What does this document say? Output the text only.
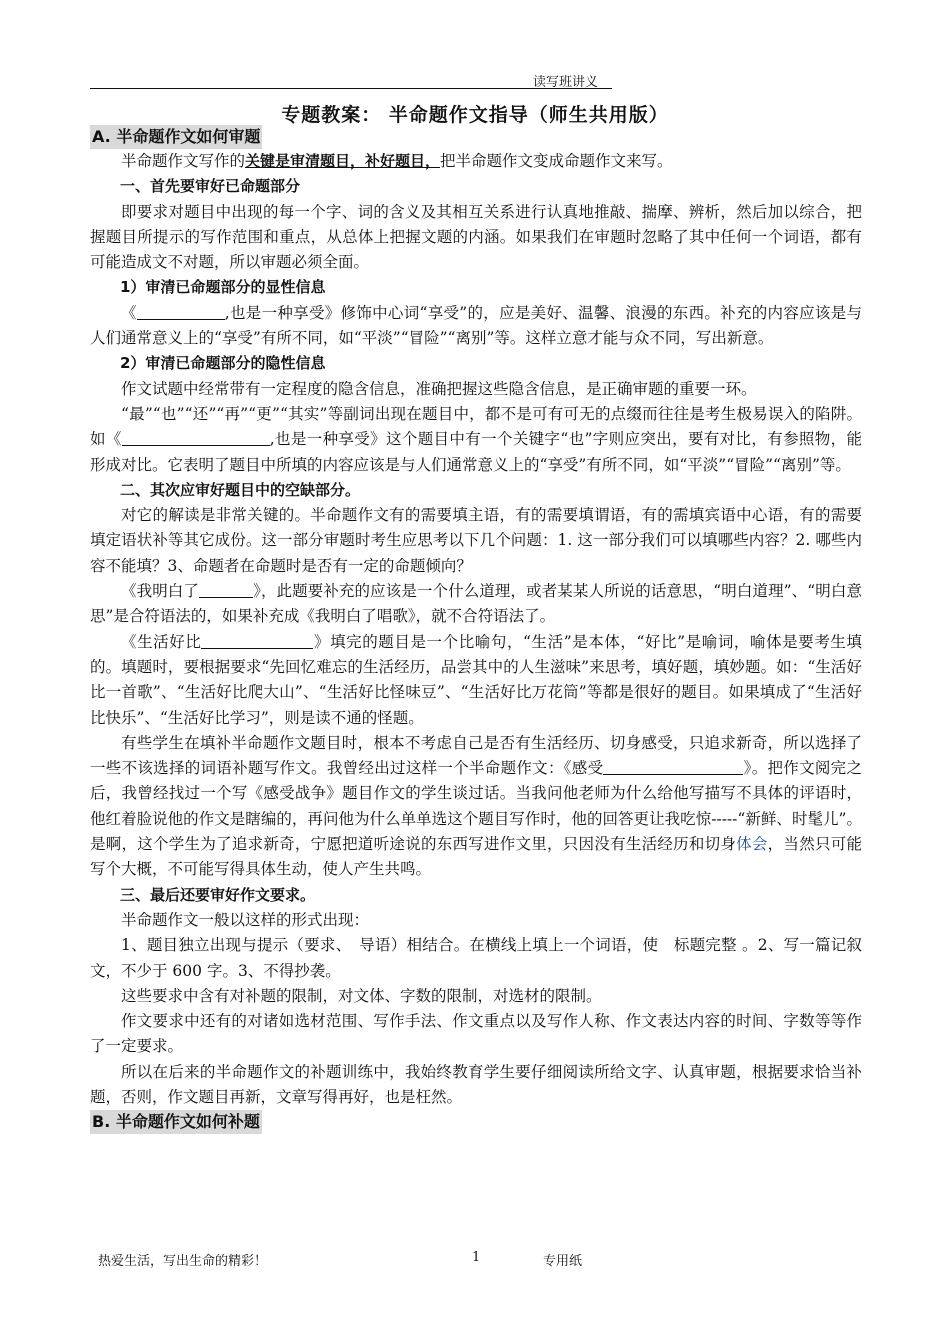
读写班讲义
专题教案： 半命题作文指导（师生共用版）
A. 半命题作文如何审题

半命题作文写作的关键是审清题目，补好题目，把半命题作文变成命题作文来写。

一、首先要审好已命题部分

即要求对题目中出现的每一个字、词的含义及其相互关系进行认真地推敲、揣摩、辨析，然后加以综合，把握题目所提示的写作范围和重点，从总体上把握文题的内涵。如果我们在审题时忽略了其中任何一个词语，都有可能造成文不对题，所以审题必须全面。

1）审清已命题部分的显性信息

《	,也是一种享受》修饰中心词“享受”的，应是美好、温馨、浪漫的东西。补充的内容应该是与人们通常意义上的“享受”有所不同，如“平淡”“冒险”“离别”等。这样立意才能与众不同，写出新意。

2）审清已命题部分的隐性信息

作文试题中经常带有一定程度的隐含信息，准确把握这些隐含信息，是正确审题的重要一环。

“最”“也”“还”“再”“更”“其实”等副词出现在题目中，都不是可有可无的点缀而往往是考生极易误入的陷阱。如《	,也是一种享受》这个题目中有一个关键字“也”字则应突出，要有对比，有参照物，能形成对比。它表明了题目中所填的内容应该是与人们通常意义上的“享受”有所不同，如“平淡”“冒险”“离别”等。

二、其次应审好题目中的空缺部分。

对它的解读是非常关键的。半命题作文有的需要填主语，有的需要填谓语，有的需填宾语中心语，有的需要填定语状补等其它成份。这一部分审题时考生应思考以下几个问题：1. 这一部分我们可以填哪些内容？2. 哪些内容不能填？3、命题者在命题时是否有一定的命题倾向？

《我明白了	》，此题要补充的应该是一个什么道理，或者某某人所说的话意思，“明白道理”、“明白意思”是合符语法的，如果补充成《我明白了唱歌》，就不合符语法了。

《生活好比	》填完的题目是一个比喻句，“生活”是本体，“好比”是喻词，喻体是要考生填的。填题时，要根据要求“先回忆难忘的生活经历，品尝其中的人生滋味”来思考，填好题，填妙题。如：“生活好比一首歌”、“生活好比爬大山”、“生活好比怪味豆”、“生活好比万花筒”等都是很好的题目。如果填成了“生活好比快乐”、“生活好比学习”，则是读不通的怪题。

有些学生在填补半命题作文题目时，根本不考虑自己是否有生活经历、切身感受，只追求新奇，所以选择了一些不该选择的词语补题写作文。我曾经出过这样一个半命题作文：《感受	》。把作文阅完之后，我曾经找过一个写《感受战争》题目作文的学生谈过话。当我问他老师为什么给他写描写不具体的评语时，他红着脸说他的作文是瞎编的，再问他为什么单单选这个题目写作时，他的回答更让我吃惊-----“新鲜、时髦儿”。是啊，这个学生为了追求新奇，宁愿把道听途说的东西写进作文里，只因没有生活经历和切身体会，当然只可能写个大概，不可能写得具体生动，使人产生共鸣。

三、最后还要审好作文要求。

半命题作文一般以这样的形式出现：

1、题目独立出现与提示（要求、　导语）相结合。在横线上填上一个词语，使　标题完整 。2、写一篇记叙文，不少于 600 字。3、不得抄袭。

这些要求中含有对补题的限制，对文体、字数的限制，对选材的限制。

作文要求中还有的对诸如选材范围、写作手法、作文重点以及写作人称、作文表达内容的时间、字数等等作了一定要求。

所以在后来的半命题作文的补题训练中，我始终教育学生要仔细阅读所给文字、认真审题，根据要求恰当补题，否则，作文题目再新，文章写得再好，也是枉然。

B. 半命题作文如何补题
热爱生活，写出生命的精彩！	1	专用纸
